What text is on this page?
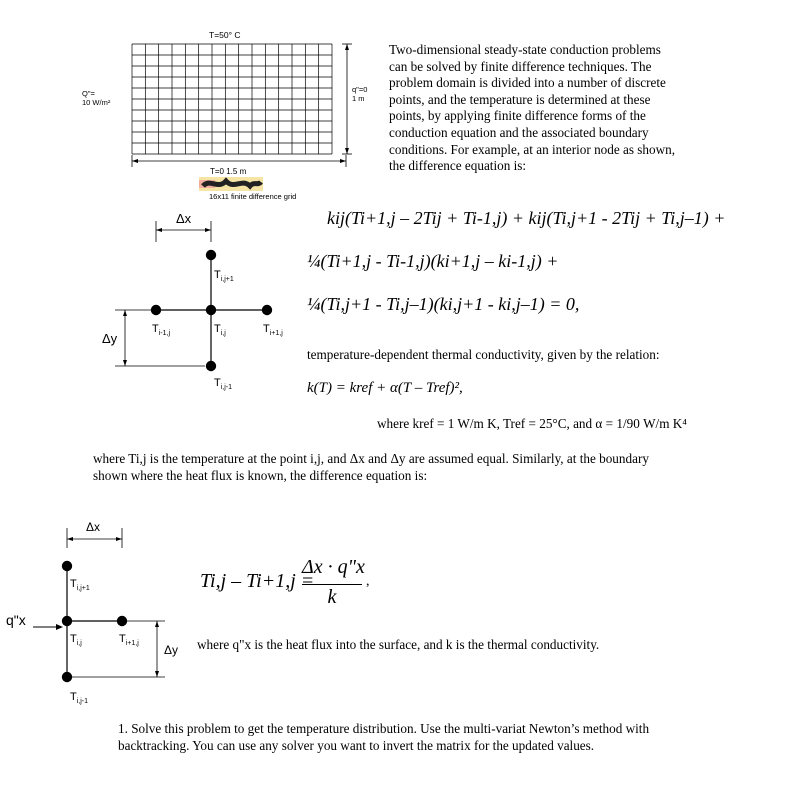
T=50° C
Q"=
10 W/m²
q"=0
1 m
T=0 1.5 m
16x11 finite difference grid
Two-dimensional steady-state conduction problems
can be solved by finite difference techniques. The
problem domain is divided into a number of discrete
points, and the temperature is determined at these
points, by applying finite difference forms of the
conduction equation and the associated boundary
conditions. For example, at an interior node as shown,
the difference equation is:
Δx
Δy
$T_{i,j+1}$
$T_{i-1,j}$	$T_{i,j}$	$T_{i+1,j}$
$T_{i,j-1}$
kij(Ti+1,j – 2Tij + Ti-1,j) + kij(Ti,j+1 - 2Tij + Ti,j–1) +
¼(Ti+1,j - Ti-1,j)(ki+1,j – ki-1,j) +
¼(Ti,j+1 - Ti,j–1)(ki,j+1 - ki,j–1) = 0,
temperature-dependent thermal conductivity, given by the relation:
k(T) = kref + α(T – Tref)²,
where kref = 1 W/m K, Tref = 25°C, and α = 1/90 W/m K⁴
where Ti,j is the temperature at the point i,j, and Δx and Δy are assumed equal. Similarly, at the boundary
shown where the heat flux is known, the difference equation is:
Δx
q"x
Δy
$T_{i,j+1}$
$T_{i,j}$	$T_{i+1,j}$
$T_{i,j-1}$
Ti,j – Ti+1,j =
Δx · q"x
k
,
where q"x is the heat flux into the surface, and k is the thermal conductivity.
1. Solve this problem to get the temperature distribution. Use the multi-variat Newton’s method with
backtracking. You can use any solver you want to invert the matrix for the updated values.
